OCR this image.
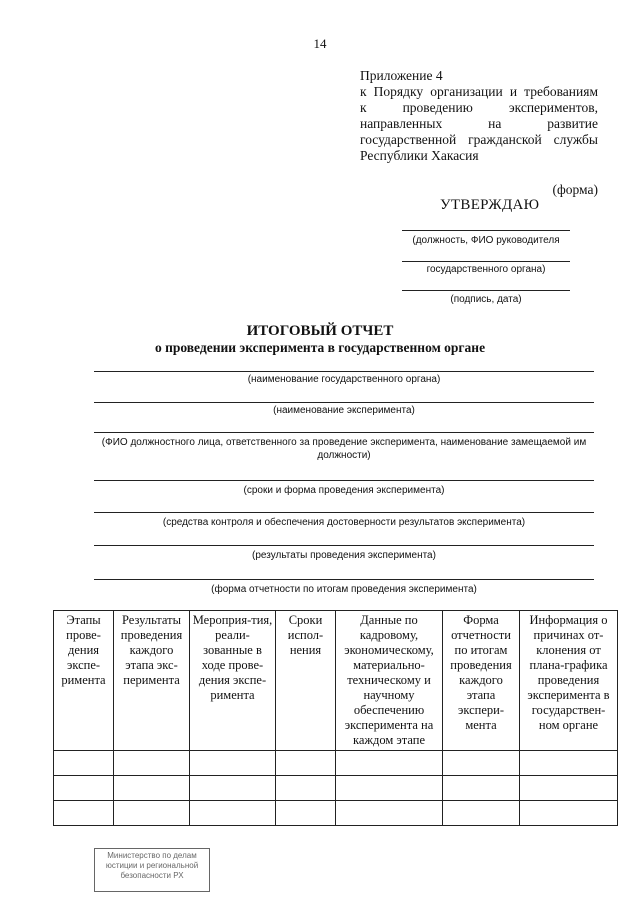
14
Приложение 4
к Порядку организации и требованиям
к проведению экспериментов,
направленных на развитие
государственной гражданской службы
Республики Хакасия
(форма)
УТВЕРЖДАЮ
(должность, ФИО руководителя
государственного органа)
(подпись, дата)
ИТОГОВЫЙ ОТЧЕТ
о проведении эксперимента в государственном органе
(наименование государственного органа)
(наименование эксперимента)
(ФИО должностного лица, ответственного за проведение эксперимента, наименование замещаемой им должности)
(сроки и форма проведения эксперимента)
(средства контроля и обеспечения достоверности результатов эксперимента)
(результаты проведения эксперимента)
(форма отчетности по итогам проведения эксперимента)
Этапы прове-дения экспе-римента	Результаты проведения каждого этапа экс-перимента	Мероприя-тия, реали-зованные в ходе прове-дения экспе-римента	Сроки испол-нения	Данные по кадровому, экономическому, материально-техническому и научному обеспечению эксперимента на каждом этапе	Форма отчетности по итогам проведения каждого этапа экспери-мента	Информация о причинах от-клонения от плана-графика проведения эксперимента в государствен-ном органе

Министерство по делам
юстиции и региональной
безопасности РХ
